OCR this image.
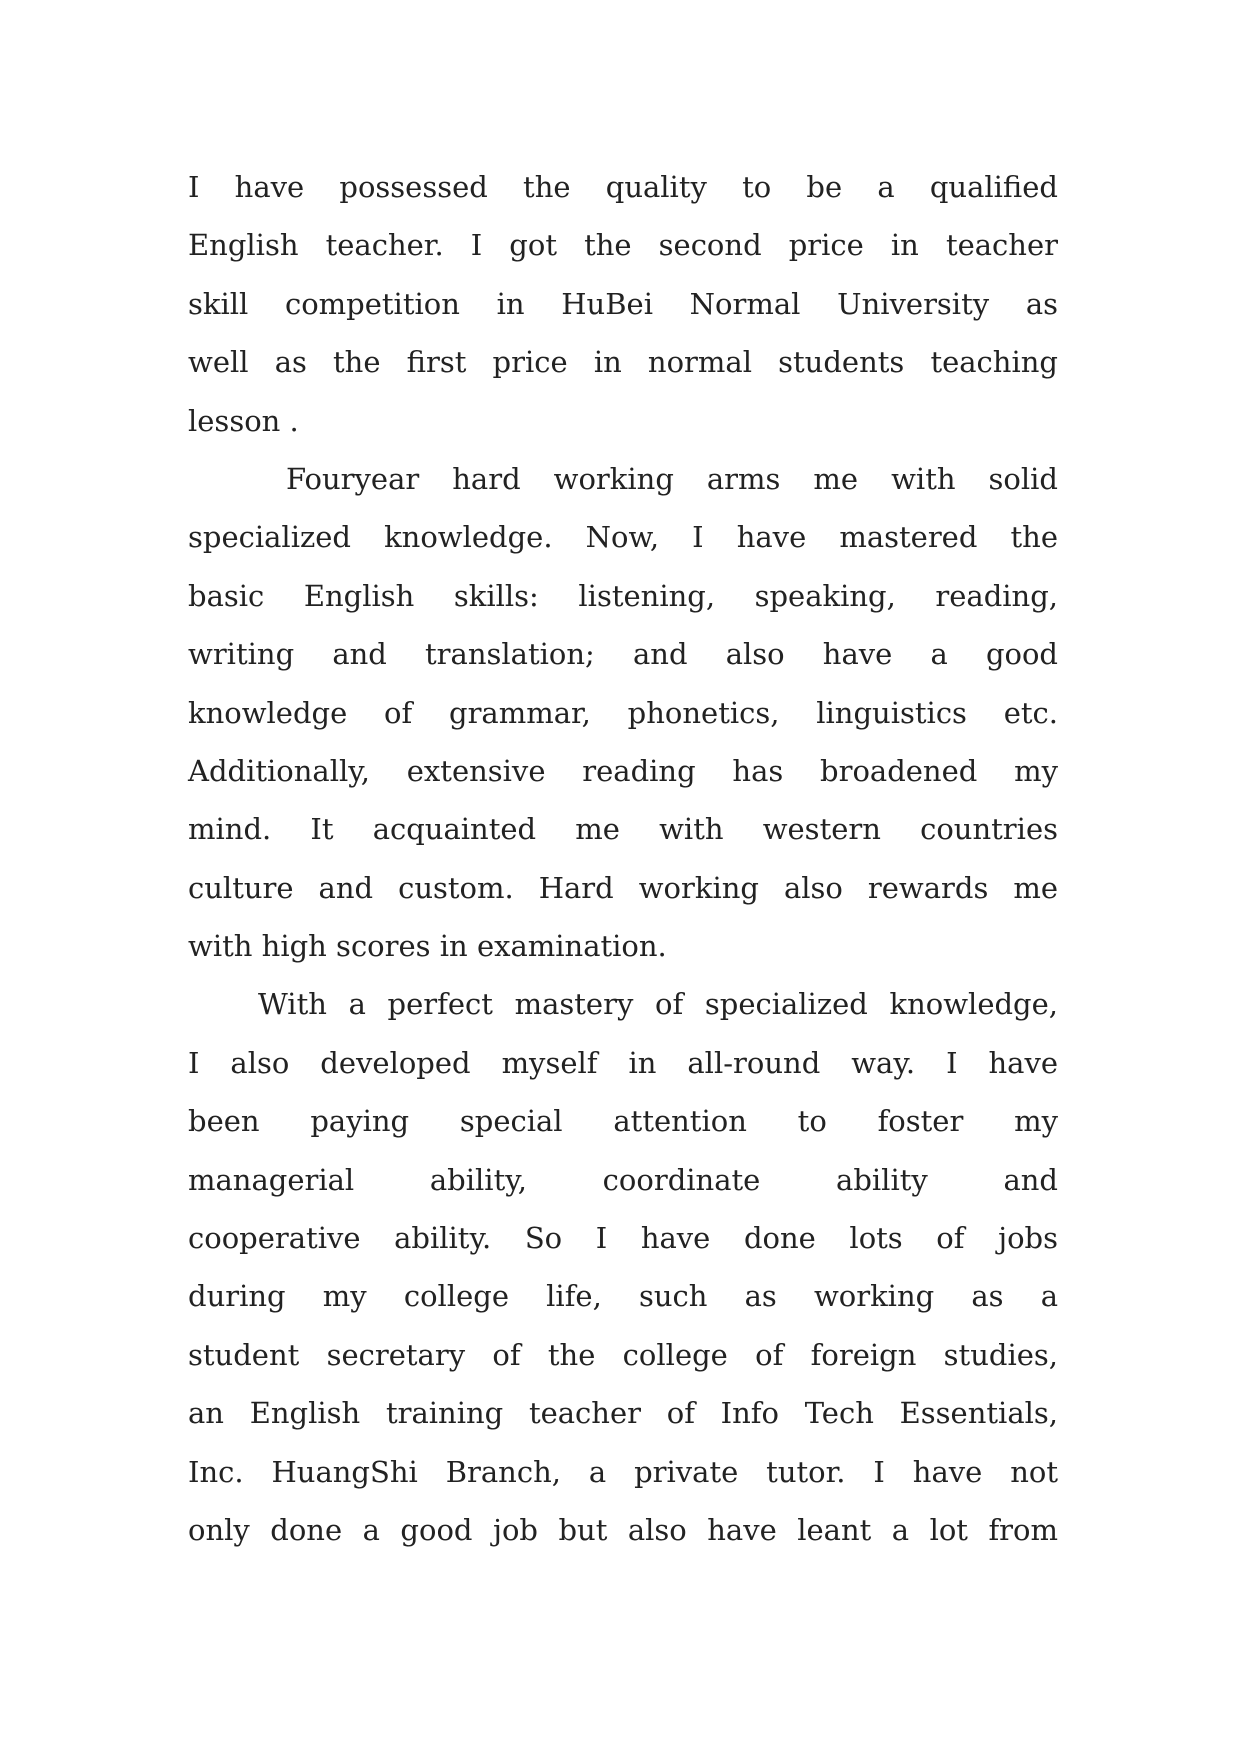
I have possessed the quality to be a qualified
English teacher. I got the second price in teacher
skill competition in HuBei Normal University as
well as the first price in normal students teaching
lesson .
Fouryear hard working arms me with solid
specialized knowledge. Now, I have mastered the
basic English skills: listening, speaking, reading,
writing and translation; and also have a good
knowledge of grammar, phonetics, linguistics etc.
Additionally, extensive reading has broadened my
mind. It acquainted me with western countries
culture and custom. Hard working also rewards me
with high scores in examination.
With a perfect mastery of specialized knowledge,
I also developed myself in all-round way. I have
been paying special attention to foster my
managerial ability, coordinate ability and
cooperative ability. So I have done lots of jobs
during my college life, such as working as a
student secretary of the college of foreign studies,
an English training teacher of Info Tech Essentials,
Inc. HuangShi Branch, a private tutor. I have not
only done a good job but also have leant a lot from
